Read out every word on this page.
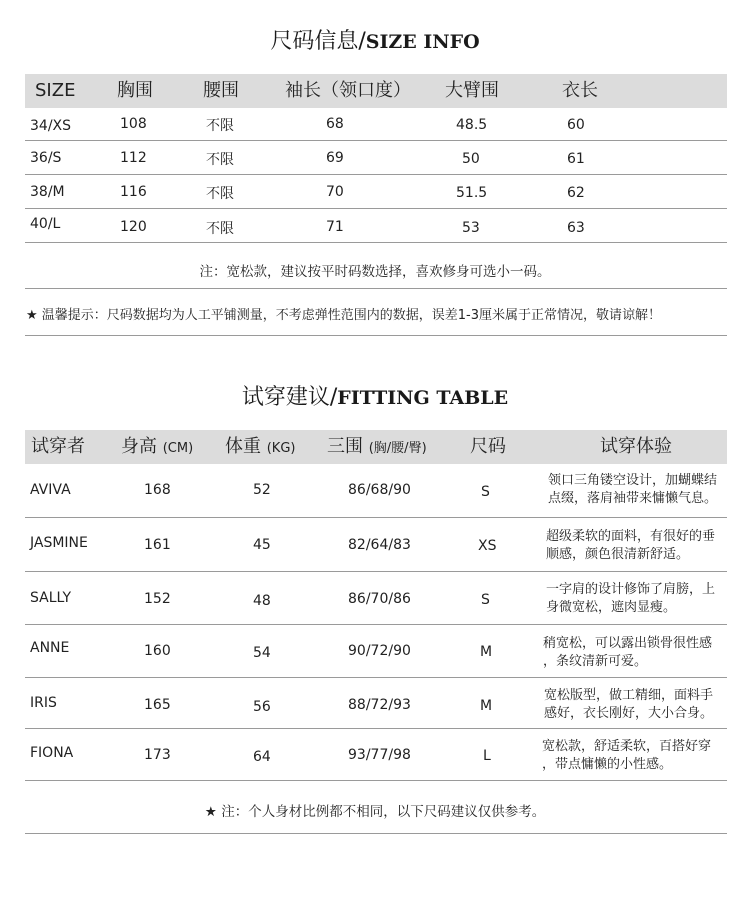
尺码信息/SIZE INFO
SIZE 胸围	腰围	袖长（领口度） 大臂围	衣长
34/XS	108	不限	68	48.5	60
36/S	112	不限	69	50	61
38/M	116	不限	70	51.5	62
40/L	120	不限	71	53	63
注：宽松款，建议按平时码数选择，喜欢修身可选小一码。
★ 温馨提示：尺码数据均为人工平铺测量，不考虑弹性范围内的数据，误差1-3厘米属于正常情况，敬请谅解！
试穿建议/FITTING TABLE
试穿者 身高 (CM) 体重 (KG) 三围 (胸/腰/臀) 尺码	试穿体验
AVIVA	168	52	86/68/90	S
领口三角镂空设计，加蝴蝶结
点缀，落肩袖带来慵懒气息。
JASMINE	161	45	82/64/83	XS
超级柔软的面料，有很好的垂
顺感，颜色很清新舒适。
SALLY	152	48	86/70/86	S
一字肩的设计修饰了肩膀，上
身微宽松，遮肉显瘦。
ANNE	160	54	90/72/90	M
稍宽松，可以露出锁骨很性感
，条纹清新可爱。
IRIS	165	56	88/72/93	M
宽松版型，做工精细，面料手
感好，衣长刚好，大小合身。
FIONA	173	64	93/77/98	L
宽松款，舒适柔软，百搭好穿
，带点慵懒的小性感。
★ 注：个人身材比例都不相同，以下尺码建议仅供参考。
